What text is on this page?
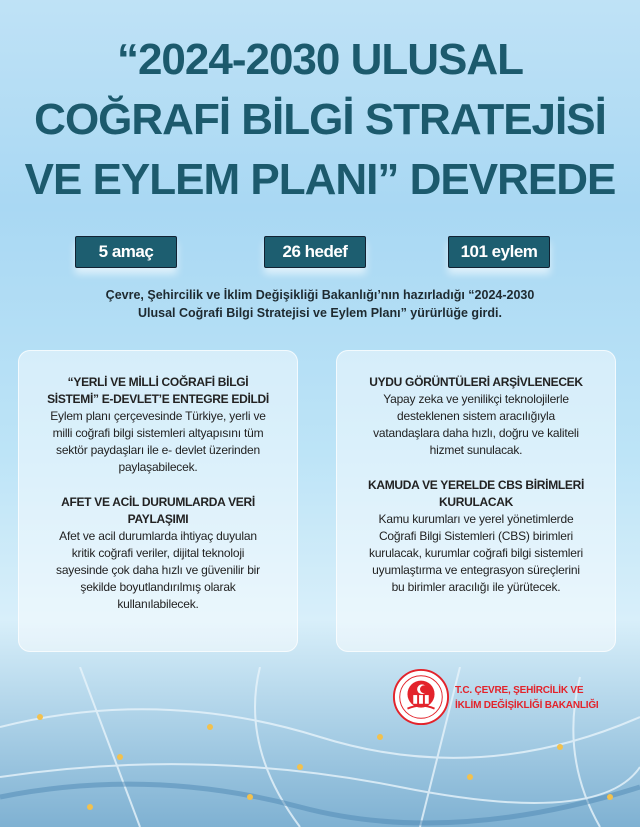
“2024-2030 ULUSAL
COĞRAFİ BİLGİ STRATEJİSİ
VE EYLEM PLANI” DEVREDE
5 amaç	26 hedef	101 eylem
Çevre, Şehircilik ve İklim Değişikliği Bakanlığı’nın hazırladığı “2024-2030
Ulusal Coğrafi Bilgi Stratejisi ve Eylem Planı” yürürlüğe girdi.
“YERLİ VE MİLLİ COĞRAFİ BİLGİ
SİSTEMİ” E-DEVLET’E ENTEGRE EDİLDİ
Eylem planı çerçevesinde Türkiye, yerli ve
milli coğrafi bilgi sistemleri altyapısını tüm
sektör paydaşları ile e- devlet üzerinden
paylaşabilecek.
AFET VE ACİL DURUMLARDA VERİ
PAYLAŞIMI
Afet ve acil durumlarda ihtiyaç duyulan
kritik coğrafi veriler, dijital teknoloji
sayesinde çok daha hızlı ve güvenilir bir
şekilde boyutlandırılmış olarak
kullanılabilecek.
UYDU GÖRÜNTÜLERİ ARŞİVLENECEK
Yapay zeka ve yenilikçi teknolojilerle
desteklenen sistem aracılığıyla
vatandaşlara daha hızlı, doğru ve kaliteli
hizmet sunulacak.
KAMUDA VE YERELDE CBS BİRİMLERİ
KURULACAK
Kamu kurumları ve yerel yönetimlerde
Coğrafi Bilgi Sistemleri (CBS) birimleri
kurulacak, kurumlar coğrafi bilgi sistemleri
uyumlaştırma ve entegrasyon süreçlerini
bu birimler aracılığı ile yürütecek.
T.C. ÇEVRE, ŞEHİRCİLİK VE
İKLİM DEĞİŞİKLİĞİ BAKANLIĞI
